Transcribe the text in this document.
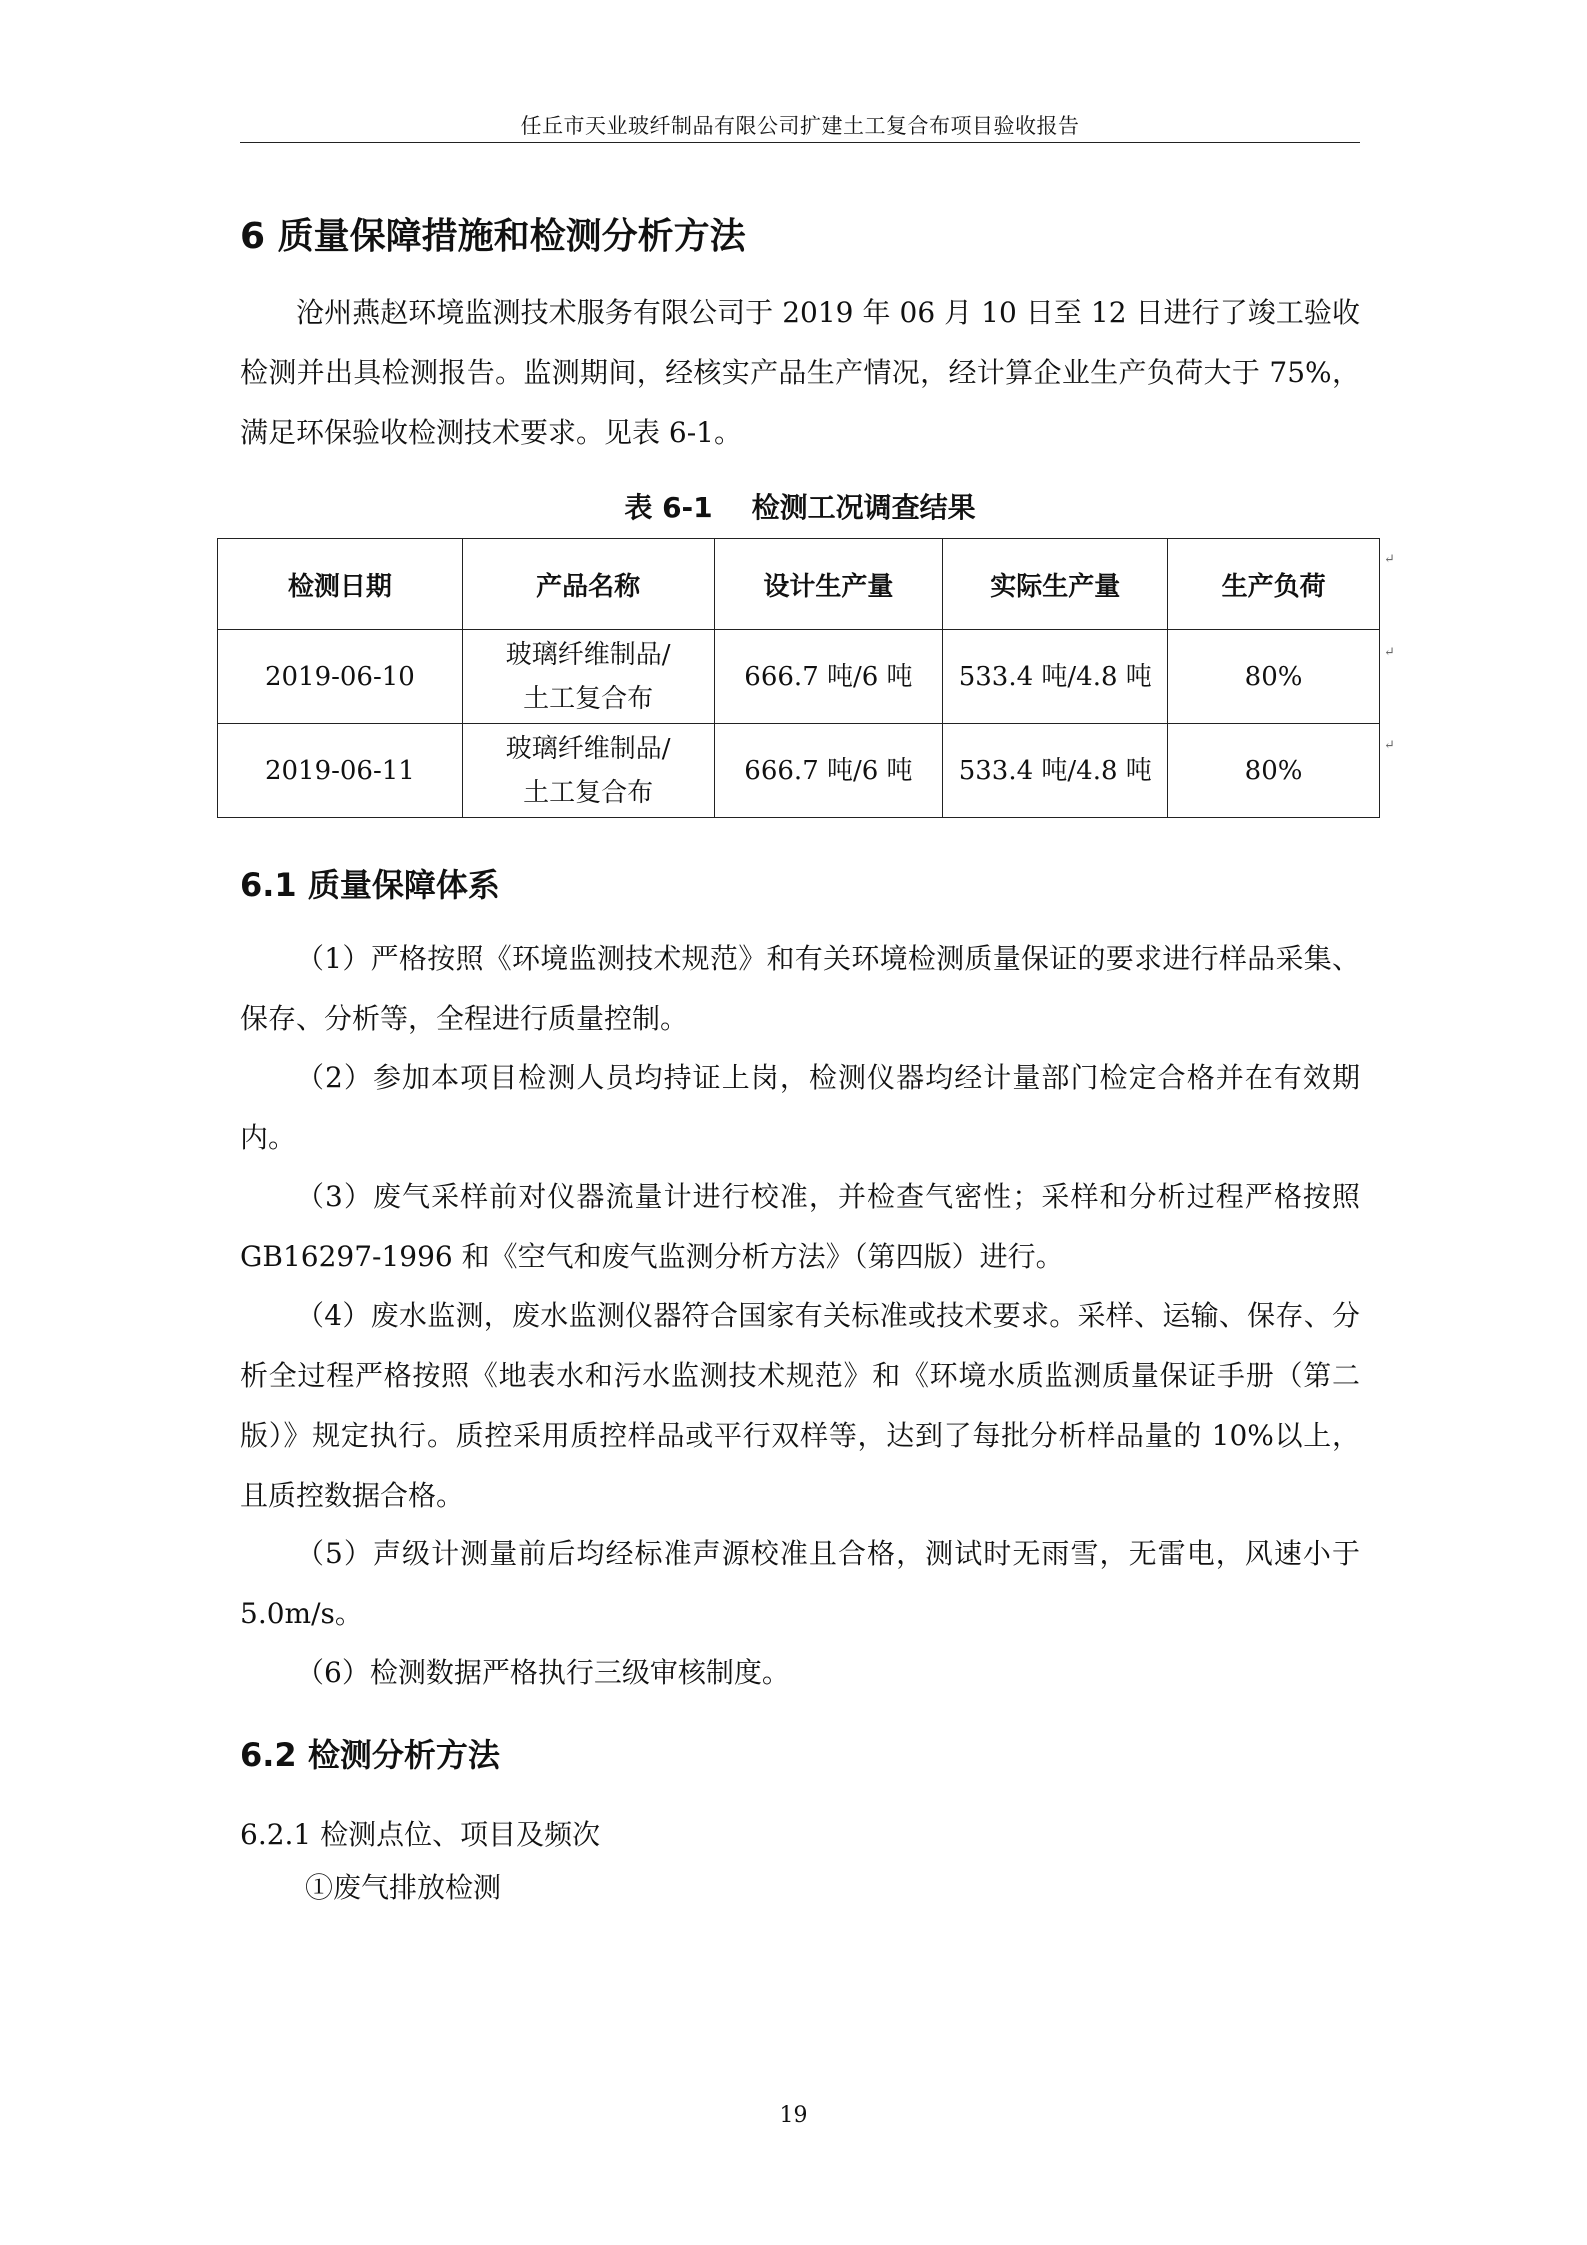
任丘市天业玻纤制品有限公司扩建土工复合布项目验收报告
6 质量保障措施和检测分析方法

沧州燕赵环境监测技术服务有限公司于 2019 年 06 月 10 日至 12 日进行了竣工验收检测并出具检测报告。监测期间，经核实产品生产情况，经计算企业生产负荷大于 75%，满足环保验收检测技术要求。见表 6-1。

表 6-1    检测工况调查结果
检测日期	产品名称	设计生产量	实际生产量	生产负荷
2019-06-10	玻璃纤维制品/
土工复合布	666.7 吨/6 吨	533.4 吨/4.8 吨	80%
2019-06-11	玻璃纤维制品/
土工复合布	666.7 吨/6 吨	533.4 吨/4.8 吨	80%
↵
↵
↵
6.1 质量保障体系

（1）严格按照《环境监测技术规范》和有关环境检测质量保证的要求进行样品采集、保存、分析等，全程进行质量控制。

（2）参加本项目检测人员均持证上岗，检测仪器均经计量部门检定合格并在有效期内。

（3）废气采样前对仪器流量计进行校准，并检查气密性；采样和分析过程严格按照 GB16297-1996 和《空气和废气监测分析方法》（第四版）进行。

（4）废水监测，废水监测仪器符合国家有关标准或技术要求。采样、运输、保存、分析全过程严格按照《地表水和污水监测技术规范》和《环境水质监测质量保证手册（第二版）》规定执行。质控采用质控样品或平行双样等，达到了每批分析样品量的 10%以上，且质控数据合格。

（5）声级计测量前后均经标准声源校准且合格，测试时无雨雪，无雷电，风速小于 5.0m/s。

（6）检测数据严格执行三级审核制度。

6.2 检测分析方法
6.2.1 检测点位、项目及频次
①废气排放检测
19
